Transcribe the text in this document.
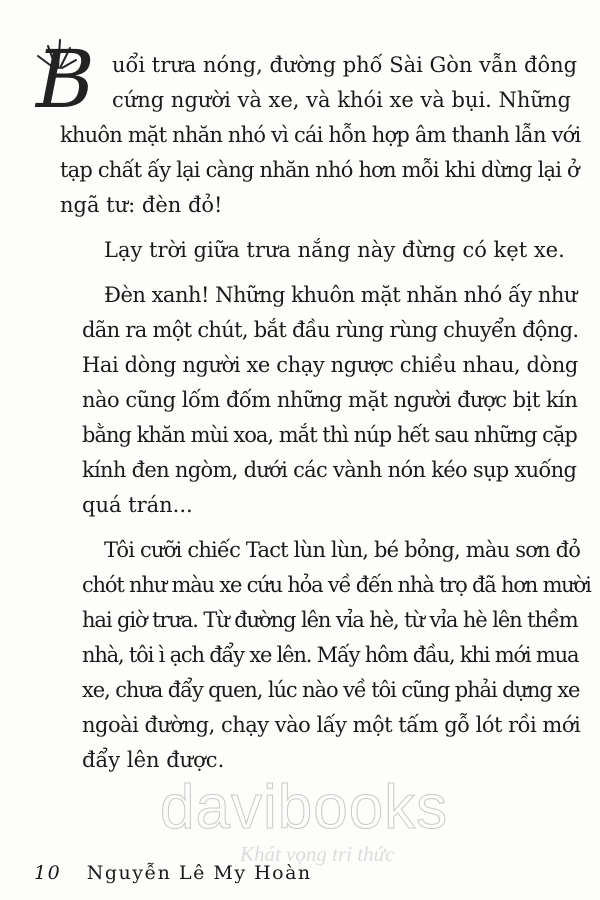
B uổi trưa nóng, đường phố Sài Gòn vẫn đông
cứng người và xe, và khói xe và bụi. Những
khuôn mặt nhăn nhó vì cái hỗn hợp âm thanh lẫn với
tạp chất ấy lại càng nhăn nhó hơn mỗi khi dừng lại ở
ngã tư: đèn đỏ!
Lạy trời giữa trưa nắng này đừng có kẹt xe.
Đèn xanh! Những khuôn mặt nhăn nhó ấy như
dãn ra một chút, bắt đầu rùng rùng chuyển động.
Hai dòng người xe chạy ngược chiều nhau, dòng
nào cũng lốm đốm những mặt người được bịt kín
bằng khăn mùi xoa, mắt thì núp hết sau những cặp
kính đen ngòm, dưới các vành nón kéo sụp xuống
quá trán...
Tôi cưỡi chiếc Tact lùn lùn, bé bỏng, màu sơn đỏ
chót như màu xe cứu hỏa về đến nhà trọ đã hơn mười
hai giờ trưa. Từ đường lên vỉa hè, từ vỉa hè lên thềm
nhà, tôi ì ạch đẩy xe lên. Mấy hôm đầu, khi mới mua
xe, chưa đẩy quen, lúc nào về tôi cũng phải dựng xe
ngoài đường, chạy vào lấy một tấm gỗ lót rồi mới
đẩy lên được.
davibooks
Khát vọng tri thức
10 Nguyễn Lê My Hoàn
